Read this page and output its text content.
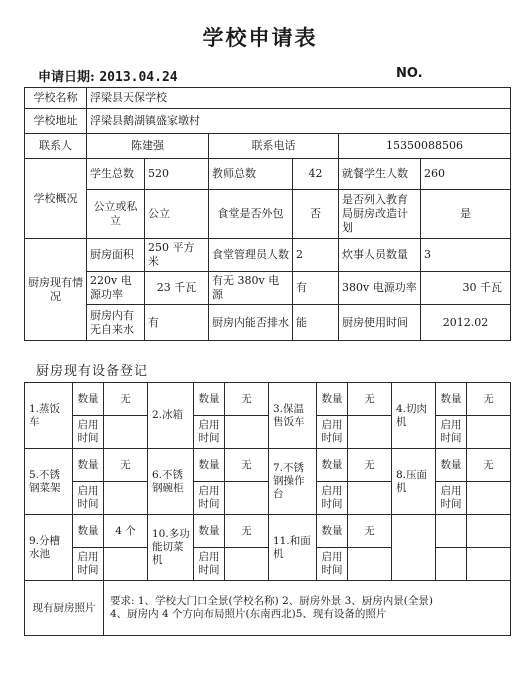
学校申请表
申请日期: 2013.04.24	NO.
学校名称	浮梁县天保学校					
学校地址	浮梁县鹅湖镇盛家墩村					
联系人	陈建强		联系电话		15350088506	
学校概况	学生总数	520	教师总数	42	就餐学生人数	260
	公立或私立	公立	食堂是否外包	否	是否列入教育局厨房改造计划	是
厨房现有情况	厨房面积	250 平方米	食堂管理员人数	2	炊事人员数量	3
	220v 电源功率	23 千瓦	有无 380v 电源	有	380v 电源功率	30 千瓦
	厨房内有无自来水	有	厨房内能否排水	能	厨房使用时间	2012.02
厨房现有设备登记
1.蒸饭车	数量	无	2.冰箱	数量	无	3.保温售饭车	数量	无	4.切肉机	数量	无
	启用时间			启用时间			启用时间			启用时间	
5.不锈钢菜架	数量	无	6.不锈钢碗柜	数量	无	7.不锈钢操作台	数量	无	8.压面机	数量	无
	启用时间			启用时间			启用时间			启用时间	
9.分槽水池	数量	4 个	10.多功能切菜机	数量	无	11.和面机	数量	无			
	启用时间			启用时间			启用时间				
现有厨房照片		要求: 1、学校大门口全景(学校名称) 2、厨房外景 3、厨房内景(全景)
4、厨房内 4 个方向布局照片(东南西北)5、现有设备的照片									
